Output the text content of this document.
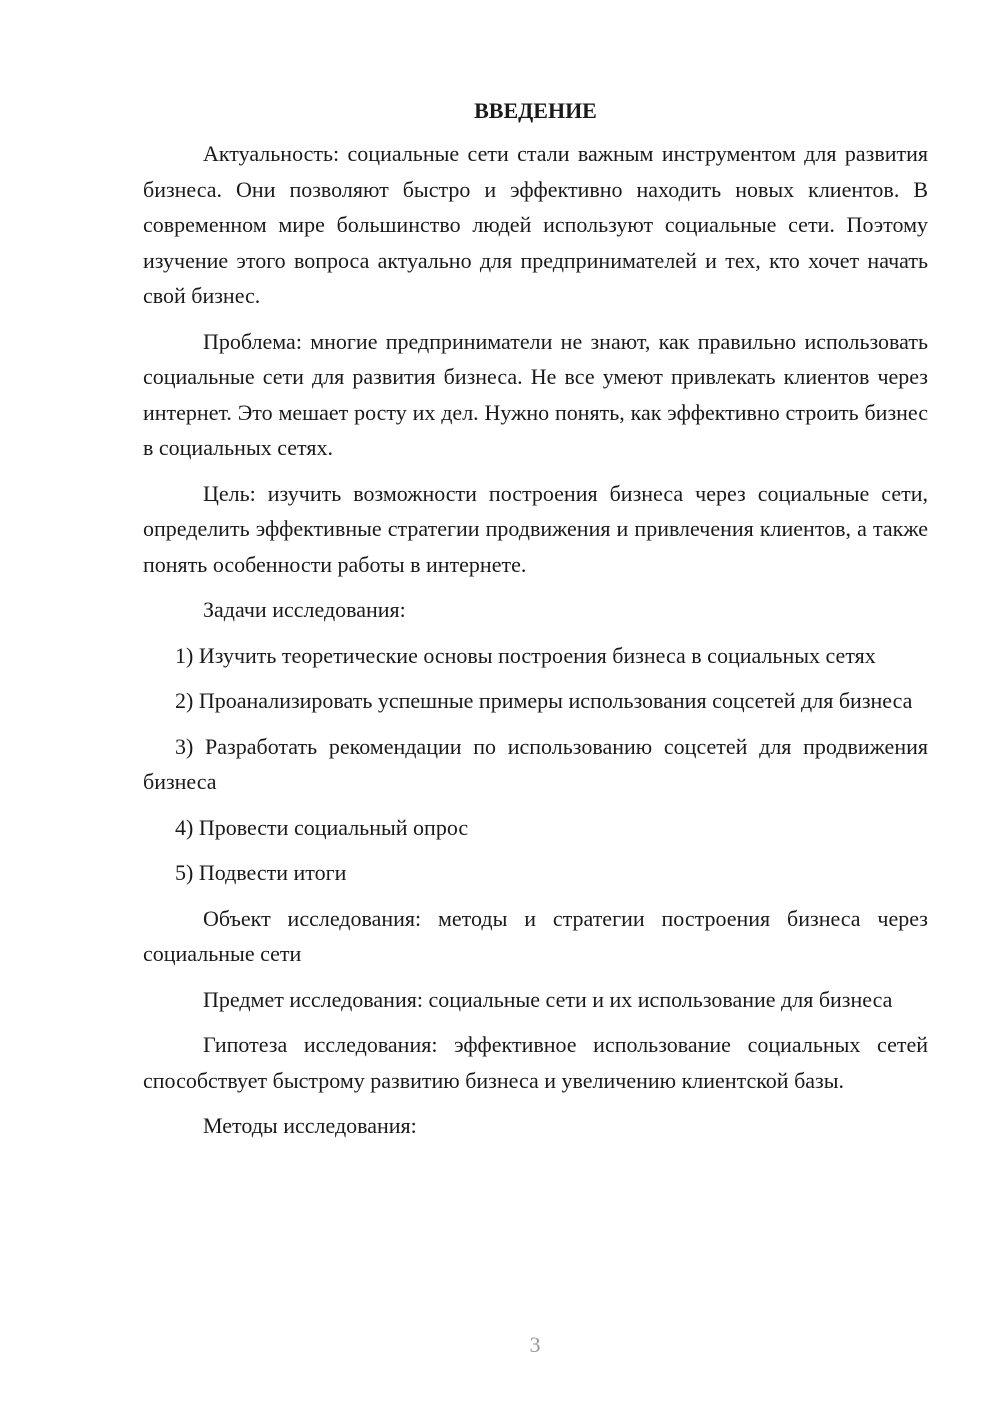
ВВЕДЕНИЕ

Актуальность: социальные сети стали важным инструментом для развития бизнеса. Они позволяют быстро и эффективно находить новых клиентов. В современном мире большинство людей используют социальные сети. Поэтому изучение этого вопроса актуально для предпринимателей и тех, кто хочет начать свой бизнес.

Проблема: многие предприниматели не знают, как правильно использовать социальные сети для развития бизнеса. Не все умеют привлекать клиентов через интернет. Это мешает росту их дел. Нужно понять, как эффективно строить бизнес в социальных сетях.

Цель: изучить возможности построения бизнеса через социальные сети, определить эффективные стратегии продвижения и привлечения клиентов, а также понять особенности работы в интернете.

Задачи исследования:

1) Изучить теоретические основы построения бизнеса в социальных сетях

2) Проанализировать успешные примеры использования соцсетей для бизнеса

3) Разработать рекомендации по использованию соцсетей для продвижения бизнеса

4) Провести социальный опрос

5) Подвести итоги

Объект исследования: методы и стратегии построения бизнеса через социальные сети

Предмет исследования: социальные сети и их использование для бизнеса

Гипотеза исследования: эффективное использование социальных сетей способствует быстрому развитию бизнеса и увеличению клиентской базы.

Методы исследования:

3
